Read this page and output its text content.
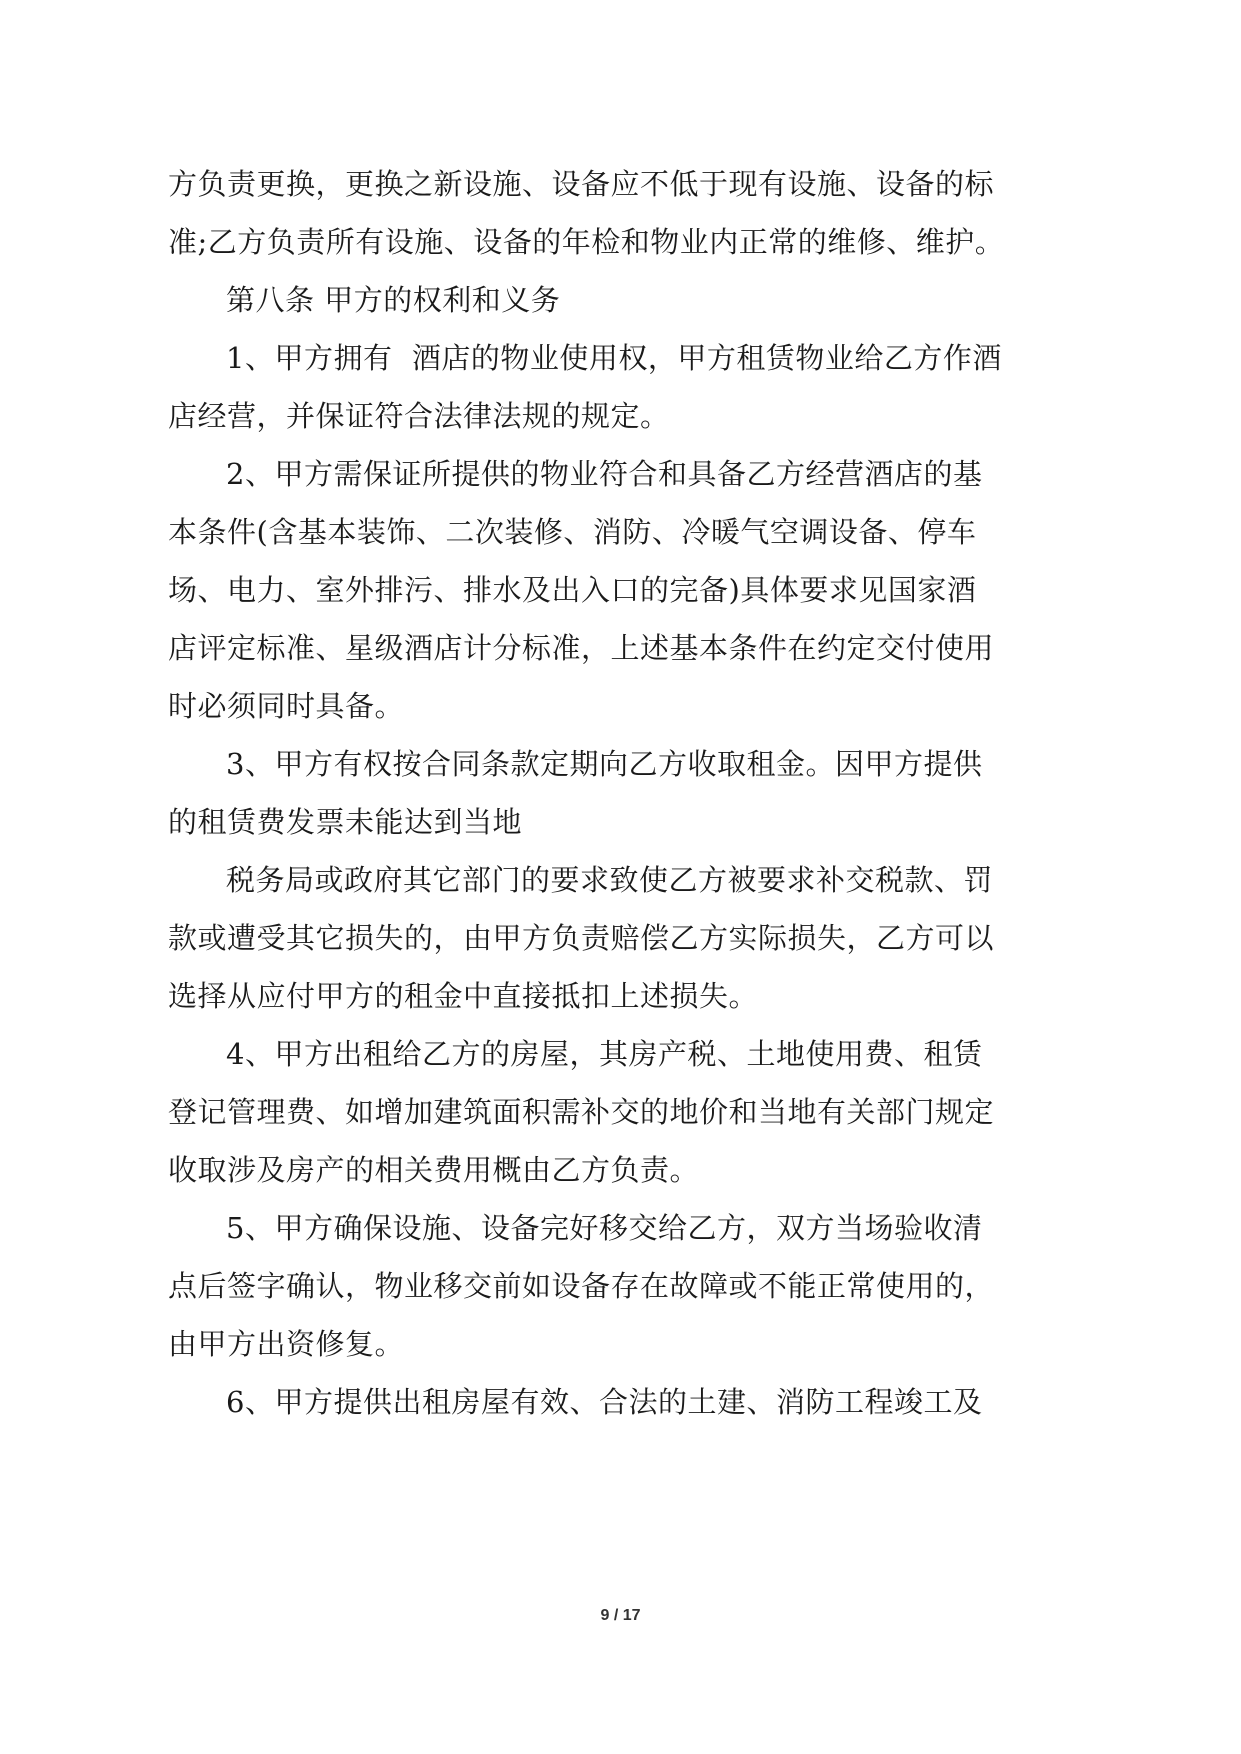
方负责更换，更换之新设施、设备应不低于现有设施、设备的标
准;乙方负责所有设施、设备的年检和物业内正常的维修、维护。
第八条 甲方的权利和义务
1、甲方拥有  酒店的物业使用权，甲方租赁物业给乙方作酒
店经营，并保证符合法律法规的规定。
2、甲方需保证所提供的物业符合和具备乙方经营酒店的基
本条件(含基本装饰、二次装修、消防、冷暖气空调设备、停车
场、电力、室外排污、排水及出入口的完备)具体要求见国家酒
店评定标准、星级酒店计分标准，上述基本条件在约定交付使用
时必须同时具备。
3、甲方有权按合同条款定期向乙方收取租金。因甲方提供
的租赁费发票未能达到当地
税务局或政府其它部门的要求致使乙方被要求补交税款、罚
款或遭受其它损失的，由甲方负责赔偿乙方实际损失，乙方可以
选择从应付甲方的租金中直接抵扣上述损失。
4、甲方出租给乙方的房屋，其房产税、土地使用费、租赁
登记管理费、如增加建筑面积需补交的地价和当地有关部门规定
收取涉及房产的相关费用概由乙方负责。
5、甲方确保设施、设备完好移交给乙方，双方当场验收清
点后签字确认，物业移交前如设备存在故障或不能正常使用的，
由甲方出资修复。
6、甲方提供出租房屋有效、合法的土建、消防工程竣工及
9 / 17
